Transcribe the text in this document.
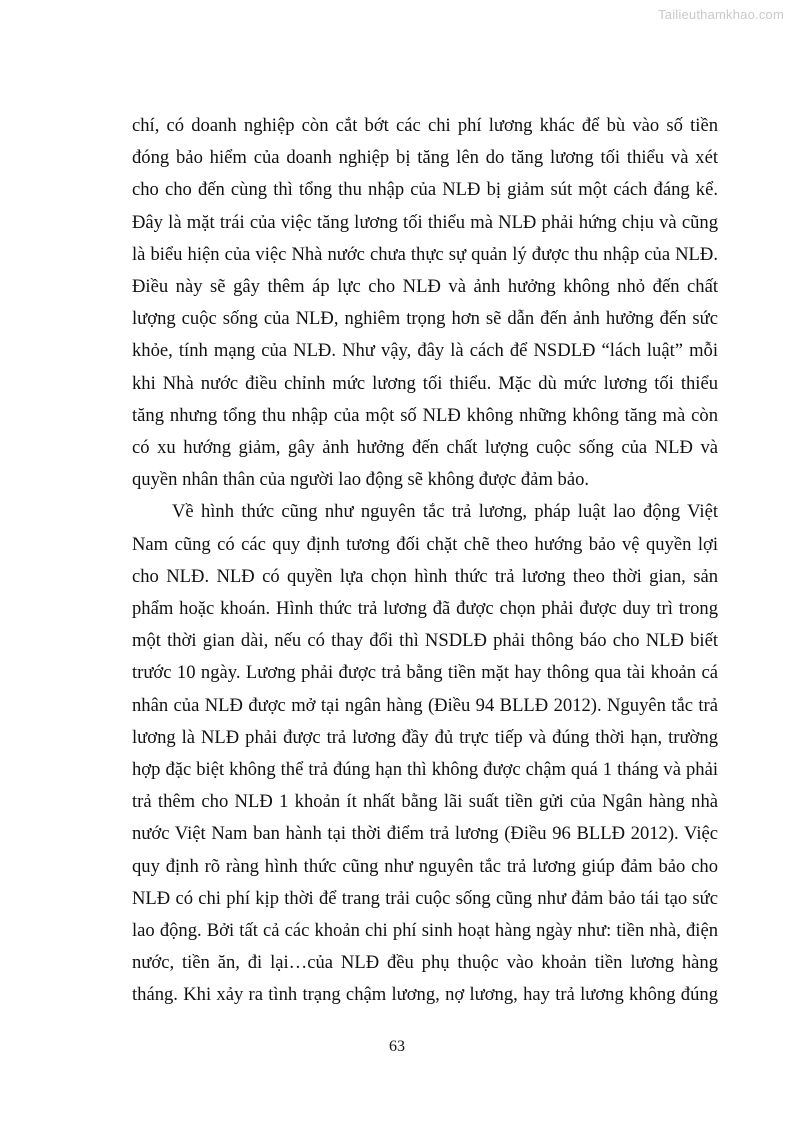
Tailieuthamkhao.com
chí, có doanh nghiệp còn cắt bớt các chi phí lương khác để bù vào số tiền
đóng bảo hiểm của doanh nghiệp bị tăng lên do tăng lương tối thiểu và xét
cho cho đến cùng thì tổng thu nhập của NLĐ bị giảm sút một cách đáng kể.
Đây là mặt trái của việc tăng lương tối thiểu mà NLĐ phải hứng chịu và cũng
là biểu hiện của việc Nhà nước chưa thực sự quản lý được thu nhập của NLĐ.
Điều này sẽ gây thêm áp lực cho NLĐ và ảnh hưởng không nhỏ đến chất
lượng cuộc sống của NLĐ, nghiêm trọng hơn sẽ dẫn đến ảnh hưởng đến sức
khỏe, tính mạng của NLĐ. Như vậy, đây là cách để NSDLĐ “lách luật” mỗi
khi Nhà nước điều chỉnh mức lương tối thiểu. Mặc dù mức lương tối thiểu
tăng nhưng tổng thu nhập của một số NLĐ không những không tăng mà còn
có xu hướng giảm, gây ảnh hưởng đến chất lượng cuộc sống của NLĐ và
quyền nhân thân của người lao động sẽ không được đảm bảo.
Về hình thức cũng như nguyên tắc trả lương, pháp luật lao động Việt
Nam cũng có các quy định tương đối chặt chẽ theo hướng bảo vệ quyền lợi
cho NLĐ. NLĐ có quyền lựa chọn hình thức trả lương theo thời gian, sản
phẩm hoặc khoán. Hình thức trả lương đã được chọn phải được duy trì trong
một thời gian dài, nếu có thay đổi thì NSDLĐ phải thông báo cho NLĐ biết
trước 10 ngày. Lương phải được trả bằng tiền mặt hay thông qua tài khoản cá
nhân của NLĐ được mở tại ngân hàng (Điều 94 BLLĐ 2012). Nguyên tắc trả
lương là NLĐ phải được trả lương đầy đủ trực tiếp và đúng thời hạn, trường
hợp đặc biệt không thể trả đúng hạn thì không được chậm quá 1 tháng và phải
trả thêm cho NLĐ 1 khoản ít nhất bằng lãi suất tiền gửi của Ngân hàng nhà
nước Việt Nam ban hành tại thời điểm trả lương (Điều 96 BLLĐ 2012). Việc
quy định rõ ràng hình thức cũng như nguyên tắc trả lương giúp đảm bảo cho
NLĐ có chi phí kịp thời để trang trải cuộc sống cũng như đảm bảo tái tạo sức
lao động. Bởi tất cả các khoản chi phí sinh hoạt hàng ngày như: tiền nhà, điện
nước, tiền ăn, đi lại…của NLĐ đều phụ thuộc vào khoản tiền lương hàng
tháng. Khi xảy ra tình trạng chậm lương, nợ lương, hay trả lương không đúng
63
